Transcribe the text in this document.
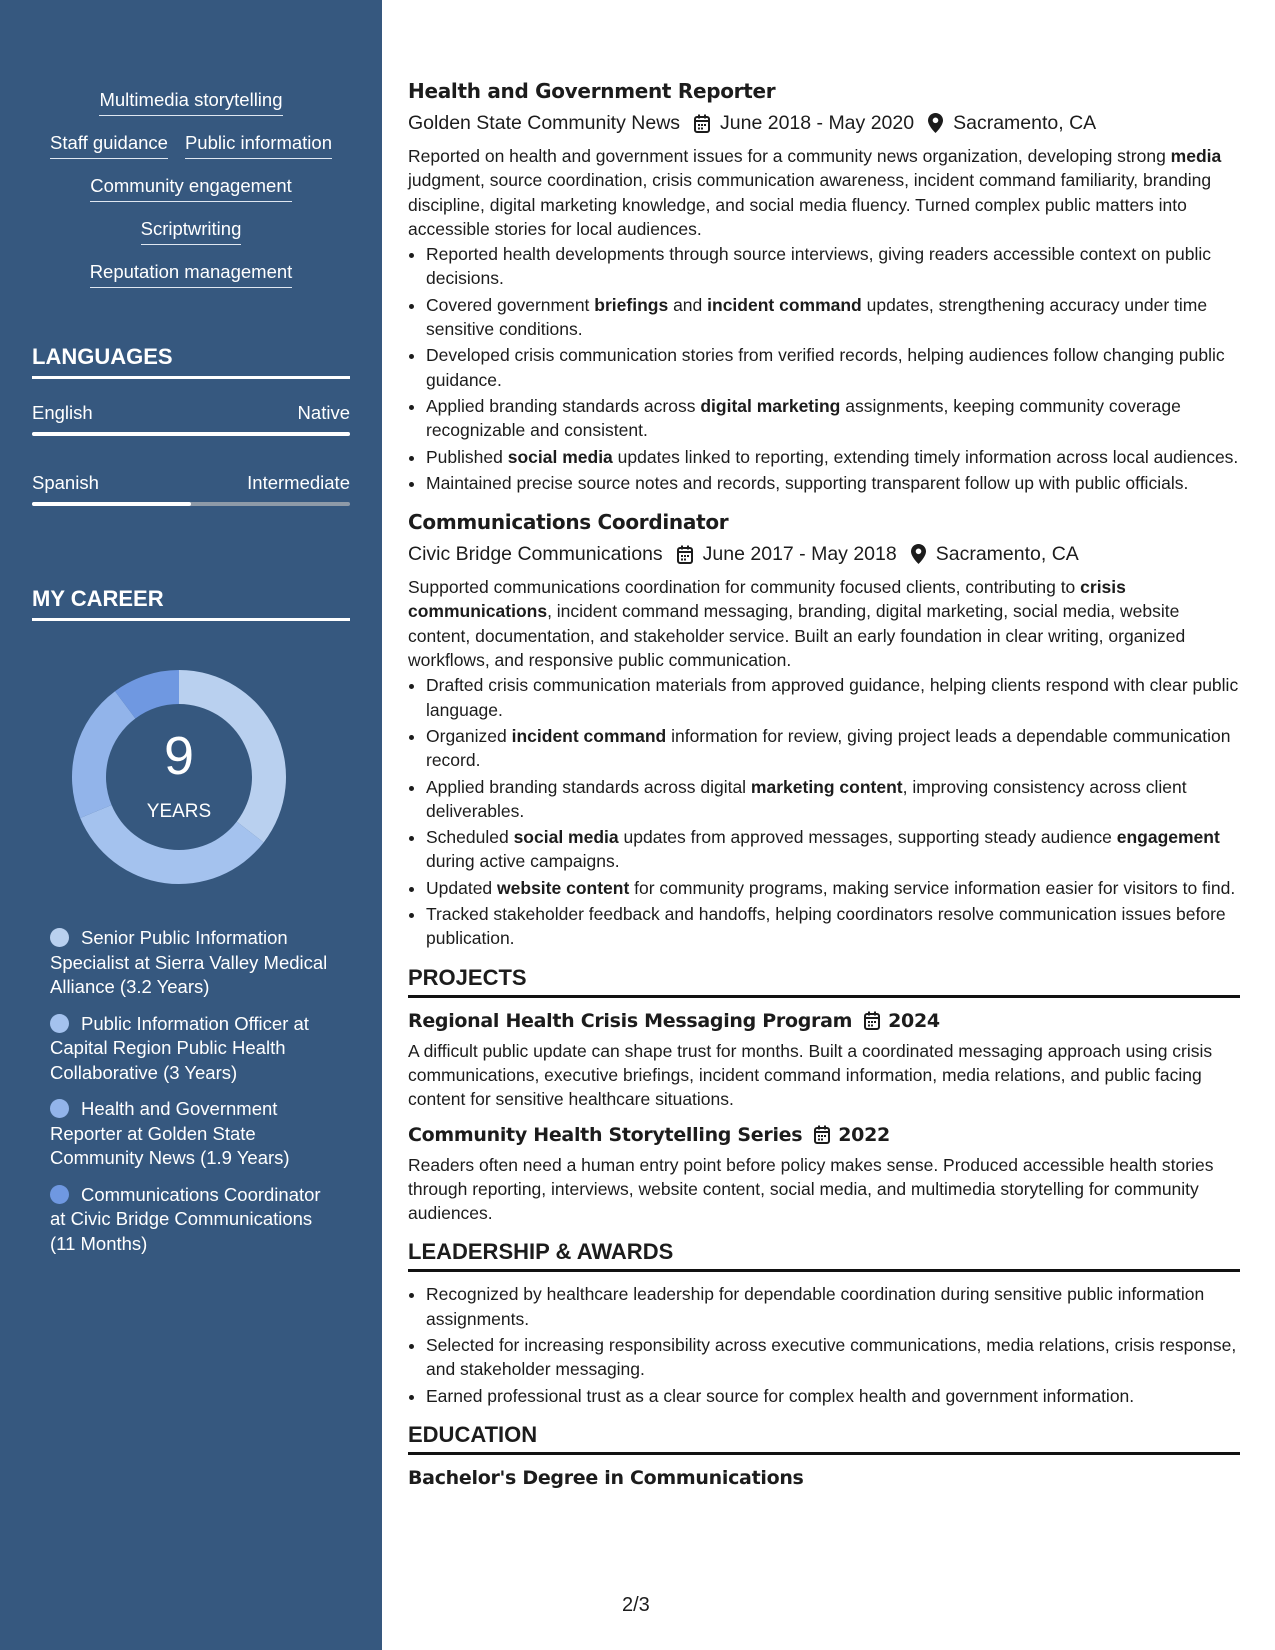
Multimedia storytelling
Staff guidance Public information
Community engagement
Scriptwriting
Reputation management
LANGUAGES
English	Native
Spanish	Intermediate
MY CAREER
9
YEARS
Senior Public Information Specialist at Sierra Valley Medical Alliance (3.2 Years)
Public Information Officer at Capital Region Public Health Collaborative (3 Years)
Health and Government Reporter at Golden State Community News (1.9 Years)
Communications Coordinator at Civic Bridge Communications (11 Months)
Health and Government Reporter
Golden State Community News June 2018 - May 2020 Sacramento, CA

Reported on health and government issues for a community news organization, developing strong media judgment, source coordination, crisis communication awareness, incident command familiarity, branding discipline, digital marketing knowledge, and social media fluency. Turned complex public matters into accessible stories for local audiences.

• Reported health developments through source interviews, giving readers accessible context on public decisions.
• Covered government briefings and incident command updates, strengthening accuracy under time sensitive conditions.
• Developed crisis communication stories from verified records, helping audiences follow changing public guidance.
• Applied branding standards across digital marketing assignments, keeping community coverage recognizable and consistent.
• Published social media updates linked to reporting, extending timely information across local audiences.
• Maintained precise source notes and records, supporting transparent follow up with public officials.
Communications Coordinator
Civic Bridge Communications June 2017 - May 2018 Sacramento, CA

Supported communications coordination for community focused clients, contributing to crisis communications, incident command messaging, branding, digital marketing, social media, website content, documentation, and stakeholder service. Built an early foundation in clear writing, organized workflows, and responsive public communication.

• Drafted crisis communication materials from approved guidance, helping clients respond with clear public language.
• Organized incident command information for review, giving project leads a dependable communication record.
• Applied branding standards across digital marketing content, improving consistency across client deliverables.
• Scheduled social media updates from approved messages, supporting steady audience engagement during active campaigns.
• Updated website content for community programs, making service information easier for visitors to find.
• Tracked stakeholder feedback and handoffs, helping coordinators resolve communication issues before publication.
PROJECTS
Regional Health Crisis Messaging Program 2024

A difficult public update can shape trust for months. Built a coordinated messaging approach using crisis communications, executive briefings, incident command information, media relations, and public facing content for sensitive healthcare situations.

Community Health Storytelling Series 2022

Readers often need a human entry point before policy makes sense. Produced accessible health stories through reporting, interviews, website content, social media, and multimedia storytelling for community audiences.

LEADERSHIP & AWARDS
• Recognized by healthcare leadership for dependable coordination during sensitive public information assignments.
• Selected for increasing responsibility across executive communications, media relations, crisis response, and stakeholder messaging.
• Earned professional trust as a clear source for complex health and government information.
EDUCATION
Bachelor's Degree in Communications
2/3
